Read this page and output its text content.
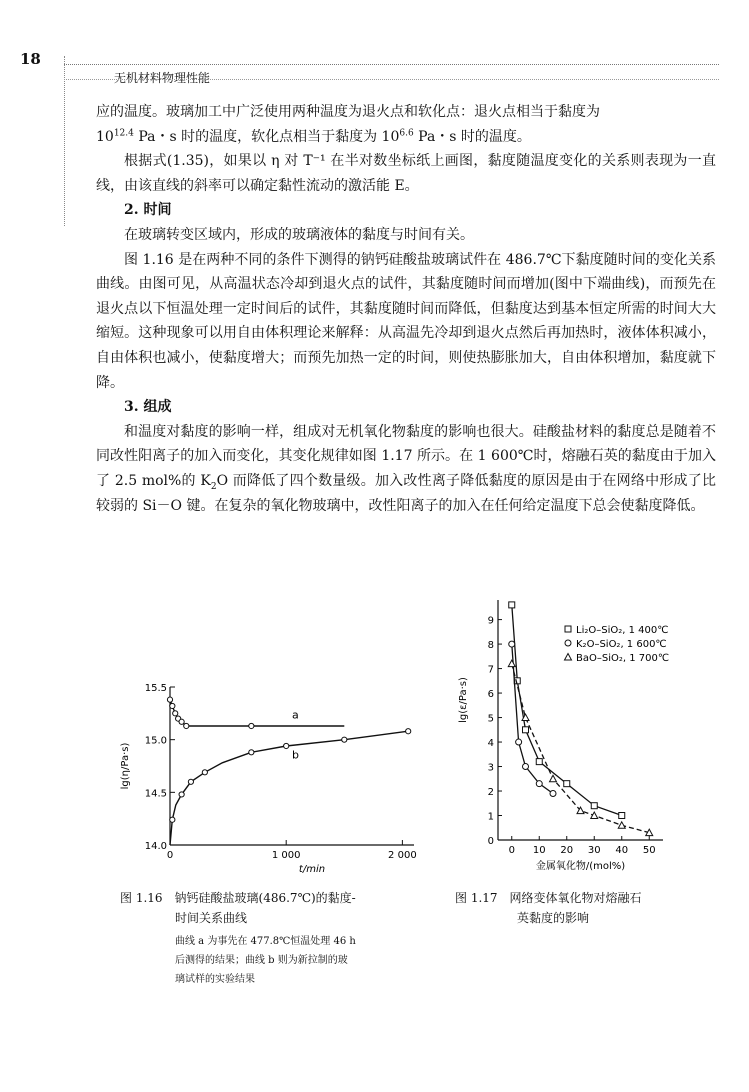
18
无机材料物理性能

应的温度。玻璃加工中广泛使用两种温度为退火点和软化点：退火点相当于黏度为
$10^{12.4}$ Pa・s 时的温度，软化点相当于黏度为 $10^{6.6}$ Pa・s 时的温度。

根据式(1.35)，如果以 η 对 T⁻¹ 在半对数坐标纸上画图，黏度随温度变化的关系则表现为一直线，由该直线的斜率可以确定黏性流动的激活能 E。

2. 时间

在玻璃转变区域内，形成的玻璃液体的黏度与时间有关。

图 1.16 是在两种不同的条件下测得的钠钙硅酸盐玻璃试件在 486.7℃下黏度随时间的变化关系曲线。由图可见，从高温状态冷却到退火点的试件，其黏度随时间而增加(图中下端曲线)，而预先在退火点以下恒温处理一定时间后的试件，其黏度随时间而降低，但黏度达到基本恒定所需的时间大大缩短。这种现象可以用自由体积理论来解释：从高温先冷却到退火点然后再加热时，液体体积减小，自由体积也减小，使黏度增大；而预先加热一定的时间，则使热膨胀加大，自由体积增加，黏度就下降。

3. 组成

和温度对黏度的影响一样，组成对无机氧化物黏度的影响也很大。硅酸盐材料的黏度总是随着不同改性阳离子的加入而变化，其变化规律如图 1.17 所示。在 1 600℃时，熔融石英的黏度由于加入了 2.5 mol%的 $K_2O$ 而降低了四个数量级。加入改性离子降低黏度的原因是由于在网络中形成了比较弱的 Si－O 键。在复杂的氧化物玻璃中，改性阳离子的加入在任何给定温度下总会使黏度降低。

14.0
14.5
15.0
15.5
0	1 000	2 000
t/min
lg(η/Pa·s)
a
b
图 1.16　钠钙硅酸盐玻璃(486.7℃)的黏度-
时间关系曲线
曲线 a 为事先在 477.8℃恒温处理 46 h
后测得的结果；曲线 b 则为新拉制的玻
璃试样的实验结果
0
1
2
3
4
5
6
7
8
9
0 10 20 30 40 50
金属氧化物/(mol%)
lg(ε/Pa·s)
Li₂O–SiO₂, 1 400℃
K₂O–SiO₂, 1 600℃
BaO–SiO₂, 1 700℃
图 1.17　网络变体氧化物对熔融石
英黏度的影响
